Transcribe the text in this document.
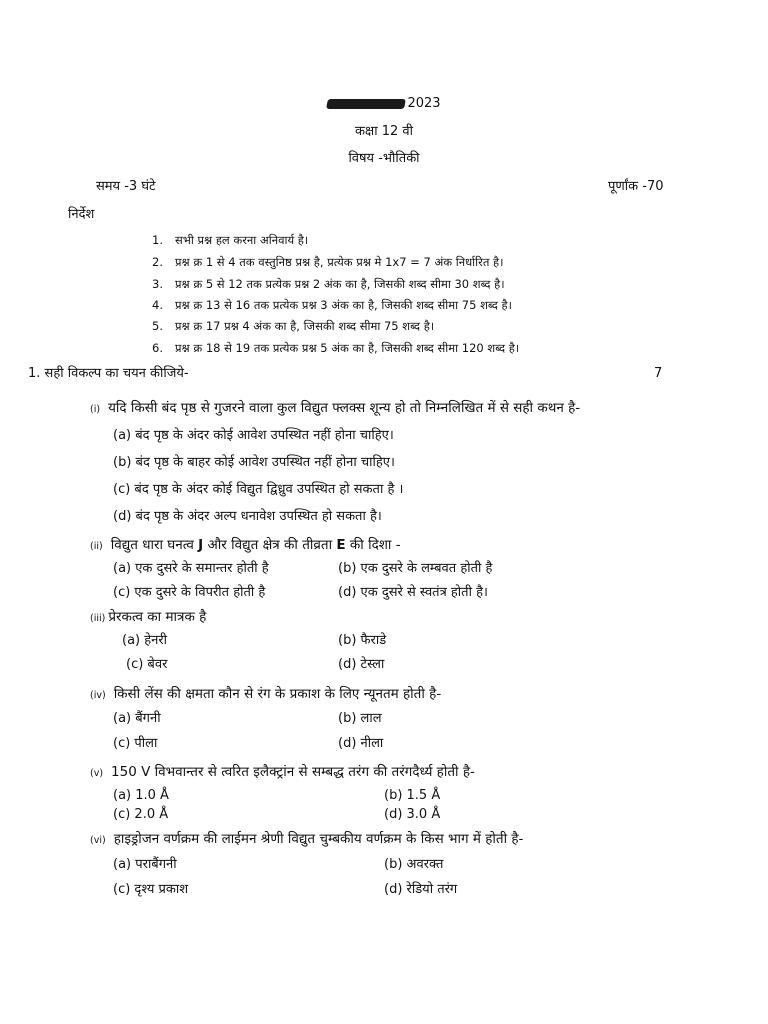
2023
कक्षा 12 वी
विषय -भौतिकी
समय -3 घंटे	पूर्णांक -70
निर्देश
1. सभी प्रश्न हल करना अनिवार्य है।
2. प्रश्न क्र 1 से 4 तक वस्तुनिष्ठ प्रश्न है, प्रत्येक प्रश्न मे 1x7 = 7 अंक निर्धारित है।
3. प्रश्न क्र 5 से 12 तक प्रत्येक प्रश्न 2 अंक का है, जिसकी शब्द सीमा 30 शब्द है।
4. प्रश्न क्र 13 से 16 तक प्रत्येक प्रश्न 3 अंक का है, जिसकी शब्द सीमा 75 शब्द है।
5. प्रश्न क्र 17 प्रश्न 4 अंक का है, जिसकी शब्द सीमा 75 शब्द है।
6. प्रश्न क्र 18 से 19 तक प्रत्येक प्रश्न 5 अंक का है, जिसकी शब्द सीमा 120 शब्द है।
1. सही विकल्प का चयन कीजिये-	7
(i) यदि किसी बंद पृष्ठ से गुजरने वाला कुल विद्युत फ्लक्स शून्य हो तो निम्नलिखित में से सही कथन है-
(a) बंद पृष्ठ के अंदर कोई आवेश उपस्थित नहीं होना चाहिए।
(b) बंद पृष्ठ के बाहर कोई आवेश उपस्थित नहीं होना चाहिए।
(c) बंद पृष्ठ के अंदर कोई विद्युत द्विध्रुव उपस्थित हो सकता है ।
(d) बंद पृष्ठ के अंदर अल्प धनावेश उपस्थित हो सकता है।
(ii) विद्युत धारा घनत्व J और विद्युत क्षेत्र की तीव्रता E की दिशा -
(a) एक दुसरे के समान्तर होती है	(b) एक दुसरे के लम्बवत होती है
(c) एक दुसरे के विपरीत होती है	(d) एक दुसरे से स्वतंत्र होती है।
(iii) प्रेरकत्व का मात्रक है
(a) हेनरी	(b) फैराडे
(c) बेवर	(d) टेस्ला
(iv) किसी लेंस की क्षमता कौन से रंग के प्रकाश के लिए न्यूनतम होती है-
(a) बैंगनी	(b) लाल
(c) पीला	(d) नीला
(v) 150 V विभवान्तर से त्वरित इलैक्ट्रांन से सम्बद्ध तरंग की तरंगदैर्ध्य होती है-
(a) 1.0 Å	(b) 1.5 Å
(c) 2.0 Å	(d) 3.0 Å
(vi) हाइड्रोजन वर्णक्रम की लाईमन श्रेणी विद्युत चुम्बकीय वर्णक्रम के किस भाग में होती है-
(a) पराबैंगनी	(b) अवरक्त
(c) दृश्य प्रकाश	(d) रेडियो तरंग
